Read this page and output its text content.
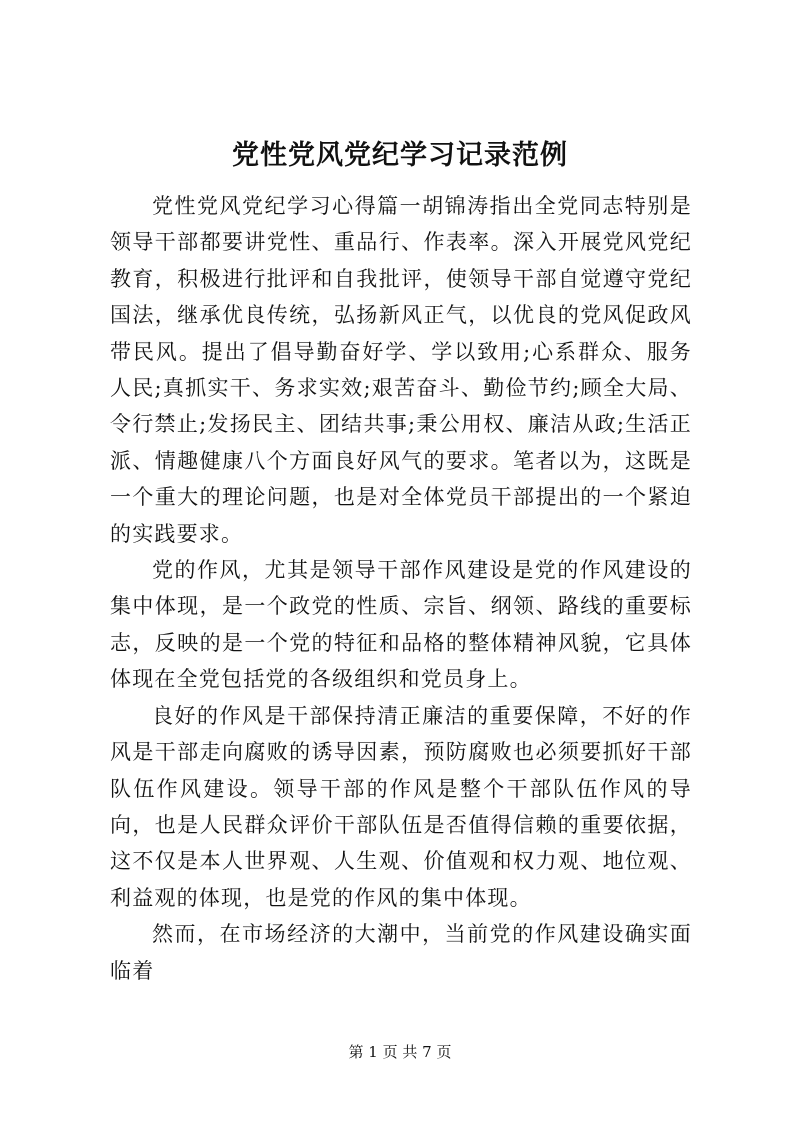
党性党风党纪学习记录范例

党性党风党纪学习心得篇一胡锦涛指出全党同志特别是领导干部都要讲党性、重品行、作表率。深入开展党风党纪教育，积极进行批评和自我批评，使领导干部自觉遵守党纪国法，继承优良传统，弘扬新风正气，以优良的党风促政风带民风。提出了倡导勤奋好学、学以致用;心系群众、服务人民;真抓实干、务求实效;艰苦奋斗、勤俭节约;顾全大局、令行禁止;发扬民主、团结共事;秉公用权、廉洁从政;生活正派、情趣健康八个方面良好风气的要求。笔者以为，这既是一个重大的理论问题，也是对全体党员干部提出的一个紧迫的实践要求。

党的作风，尤其是领导干部作风建设是党的作风建设的集中体现，是一个政党的性质、宗旨、纲领、路线的重要标志，反映的是一个党的特征和品格的整体精神风貌，它具体体现在全党包括党的各级组织和党员身上。

良好的作风是干部保持清正廉洁的重要保障，不好的作风是干部走向腐败的诱导因素，预防腐败也必须要抓好干部队伍作风建设。领导干部的作风是整个干部队伍作风的导向，也是人民群众评价干部队伍是否值得信赖的重要依据，这不仅是本人世界观、人生观、价值观和权力观、地位观、利益观的体现，也是党的作风的集中体现。

然而，在市场经济的大潮中，当前党的作风建设确实面临着

第 1 页 共 7 页
